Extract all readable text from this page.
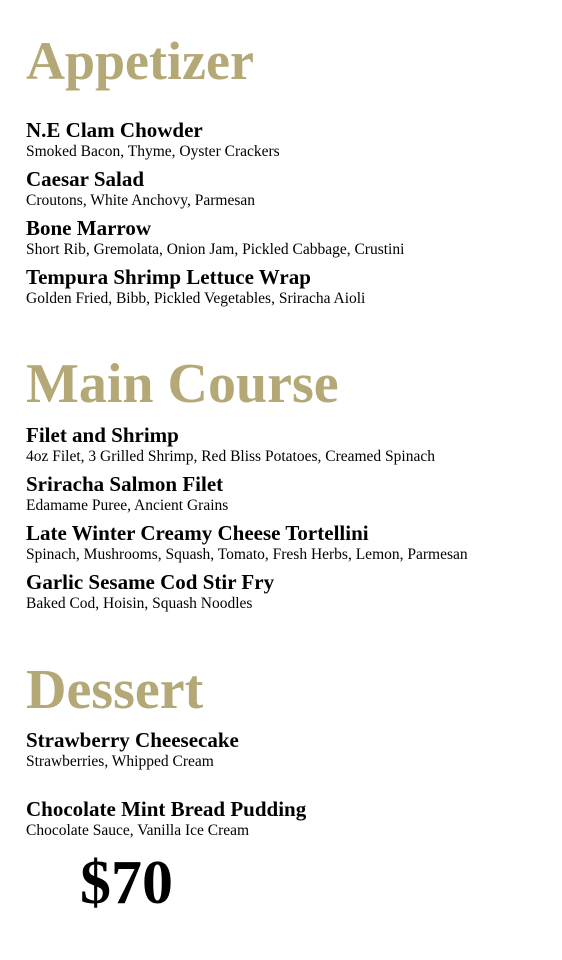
Appetizer
N.E Clam Chowder
Smoked Bacon, Thyme, Oyster Crackers
Caesar Salad
Croutons, White Anchovy, Parmesan
Bone Marrow
Short Rib, Gremolata, Onion Jam, Pickled Cabbage, Crustini
Tempura Shrimp Lettuce Wrap
Golden Fried, Bibb, Pickled Vegetables, Sriracha Aioli
Main Course
Filet and Shrimp
4oz Filet, 3 Grilled Shrimp, Red Bliss Potatoes, Creamed Spinach
Sriracha Salmon Filet
Edamame Puree, Ancient Grains
Late Winter Creamy Cheese Tortellini
Spinach, Mushrooms, Squash, Tomato, Fresh Herbs, Lemon, Parmesan
Garlic Sesame Cod Stir Fry
Baked Cod, Hoisin, Squash Noodles
Dessert
Strawberry Cheesecake
Strawberries, Whipped Cream
Chocolate Mint Bread Pudding
Chocolate Sauce, Vanilla Ice Cream
$70
